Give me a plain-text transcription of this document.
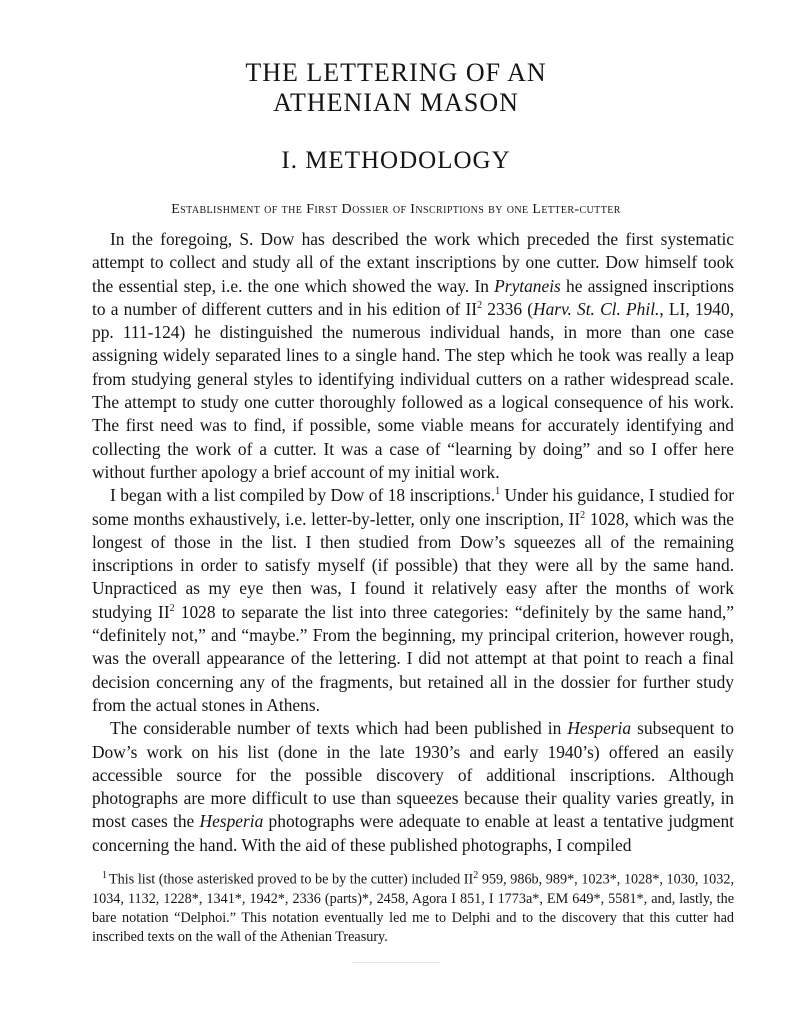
THE LETTERING OF AN
ATHENIAN MASON
I. METHODOLOGY
Establishment of the First Dossier of Inscriptions by one Letter-cutter

In the foregoing, S. Dow has described the work which preceded the first systematic attempt to collect and study all of the extant inscriptions by one cutter. Dow himself took the essential step, i.e. the one which showed the way. In Prytaneis he assigned inscriptions to a number of different cutters and in his edition of $II^2$ 2336 (Harv. St. Cl. Phil., LI, 1940, pp. 111-124) he distinguished the numerous individual hands, in more than one case assigning widely separated lines to a single hand. The step which he took was really a leap from studying general styles to identifying individual cutters on a rather widespread scale. The attempt to study one cutter thoroughly followed as a logical consequence of his work. The first need was to find, if possible, some viable means for accurately identifying and collecting the work of a cutter. It was a case of “learning by doing” and so I offer here without further apology a brief account of my initial work.

I began with a list compiled by Dow of 18 inscriptions.$^1$ Under his guidance, I studied for some months exhaustively, i.e. letter-by-letter, only one inscription, $II^2$ 1028, which was the longest of those in the list. I then studied from Dow’s squeezes all of the remaining inscriptions in order to satisfy myself (if possible) that they were all by the same hand. Unpracticed as my eye then was, I found it relatively easy after the months of work studying $II^2$ 1028 to separate the list into three categories: “definitely by the same hand,” “definitely not,” and “maybe.” From the beginning, my principal criterion, however rough, was the overall appearance of the lettering. I did not attempt at that point to reach a final decision concerning any of the fragments, but retained all in the dossier for further study from the actual stones in Athens.

The considerable number of texts which had been published in Hesperia subsequent to Dow’s work on his list (done in the late 1930’s and early 1940’s) offered an easily accessible source for the possible discovery of additional inscriptions. Although photographs are more difficult to use than squeezes because their quality varies greatly, in most cases the Hesperia photographs were adequate to enable at least a tentative judgment concerning the hand. With the aid of these published photographs, I compiled

$^1$ This list (those asterisked proved to be by the cutter) included $II^2$ 959, 986b, 989*, 1023*, 1028*, 1030, 1032, 1034, 1132, 1228*, 1341*, 1942*, 2336 (parts)*, 2458, Agora I 851, I 1773a*, EM 649*, 5581*, and, lastly, the bare notation “Delphoi.” This notation eventually led me to Delphi and to the discovery that this cutter had inscribed texts on the wall of the Athenian Treasury.
